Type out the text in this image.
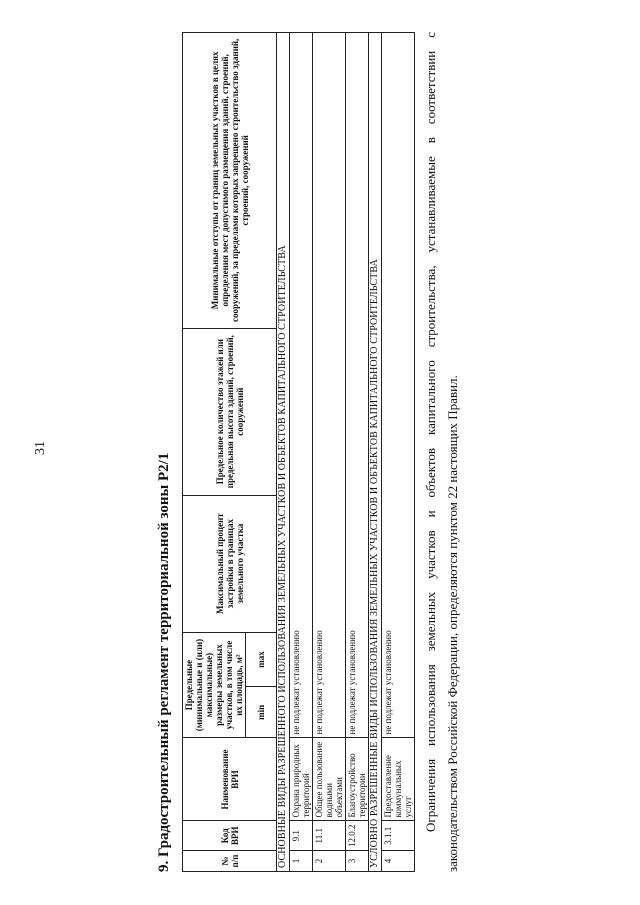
31
9. Градостроительный регламент территориальной зоны Р2/1	№ п/п	Код ВРИ	Наименование ВРИ	Предельные (минимальные и (или) максимальные) размеры земельных участков, в том числе их площадь, м²		Максимальный процент застройки в границах земельного участка	Предельное количество этажей или предельная высота зданий, строений, сооружений	Минимальные отступы от границ земельных участков в целях определения мест допустимого размещения зданий, строений, сооружений, за пределами которых запрещено строительство зданий, строений, сооружений
			min	max			
ОСНОВНЫЕ ВИДЫ РАЗРЕШЕННОГО ИСПОЛЬЗОВАНИЯ ЗЕМЕЛЬНЫХ УЧАСТКОВ И ОБЪЕКТОВ КАПИТАЛЬНОГО СТРОИТЕЛЬСТВА							
1	9.1	Охрана природных территорий	не подлежат установлению				
2	11.1	Общее пользование водными объектами	не подлежат установлению				
3	12.0.2	Благоустройство территории	не подлежат установлению				
УСЛОВНО РАЗРЕШЕННЫЕ ВИДЫ ИСПОЛЬЗОВАНИЯ ЗЕМЕЛЬНЫХ УЧАСТКОВ И ОБЪЕКТОВ КАПИТАЛЬНОГО СТРОИТЕЛЬСТВА							
4	3.1.1	Предоставление коммунальных услуг	не подлежат установлению				Ограничения использования земельных участков и объектов капитального строительства, устанавливаемые в соответствии с законодательством Российской Федерации, определяются пунктом 22 настоящих Правил.
